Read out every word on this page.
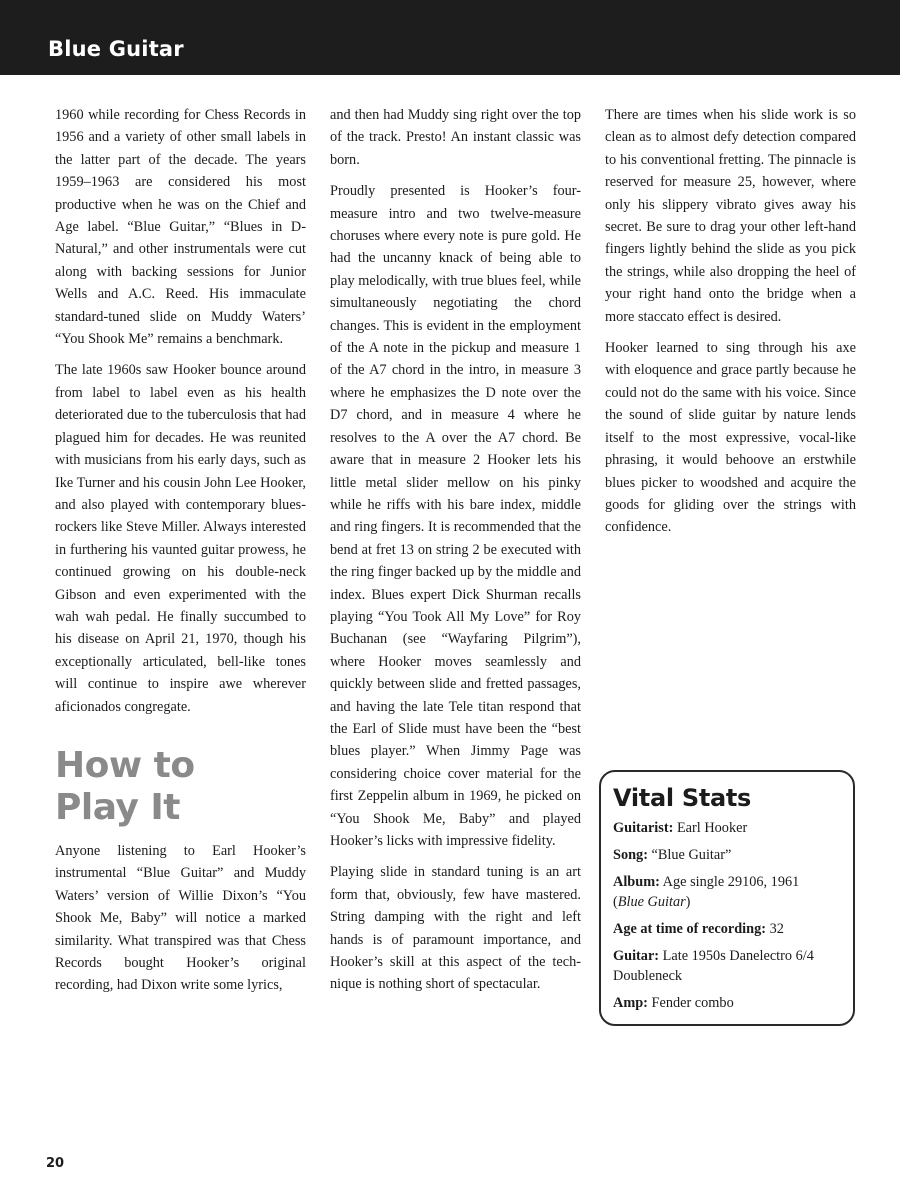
Blue Guitar

1960 while recording for Chess Records in 1956 and a variety of other small labels in the latter part of the decade. The years 1959–1963 are considered his most productive when he was on the Chief and Age label. “Blue Guitar,” “Blues in D-Natural,” and other instrumentals were cut along with backing sessions for Junior Wells and A.C. Reed. His immaculate standard-tuned slide on Muddy Waters’ “You Shook Me” remains a benchmark.

The late 1960s saw Hooker bounce around from label to label even as his health deteriorated due to the tuberculosis that had plagued him for decades. He was reunited with musicians from his early days, such as Ike Turner and his cousin John Lee Hooker, and also played with contemporary blues-rockers like Steve Miller. Always interested in furthering his vaunted guitar prowess, he continued growing on his double-neck Gibson and even experimented with the wah wah pedal. He finally succumbed to his disease on April 21, 1970, though his exceptionally articulated, bell-like tones will continue to inspire awe wherever aficionados congregate.

How to
Play It

Anyone listening to Earl Hooker’s instrumental “Blue Guitar” and Muddy Waters’ version of Willie Dixon’s “You Shook Me, Baby” will notice a marked similarity. What transpired was that Chess Records bought Hooker’s original recording, had Dixon write some lyrics,

and then had Muddy sing right over the top of the track. Presto! An instant classic was born.

Proudly presented is Hooker’s four-measure intro and two twelve-measure choruses where every note is pure gold. He had the uncanny knack of being able to play melodically, with true blues feel, while simultaneously negotiating the chord changes. This is evident in the employment of the A note in the pickup and measure 1 of the A7 chord in the intro, in measure 3 where he emphasizes the D note over the D7 chord, and in measure 4 where he resolves to the A over the A7 chord. Be aware that in measure 2 Hooker lets his little metal slider mellow on his pinky while he riffs with his bare index, middle and ring fingers. It is recommended that the bend at fret 13 on string 2 be executed with the ring finger backed up by the middle and index. Blues expert Dick Shurman recalls playing “You Took All My Love” for Roy Buchanan (see “Wayfaring Pilgrim”), where Hooker moves seamlessly and quickly between slide and fretted passages, and having the late Tele titan respond that the Earl of Slide must have been the “best blues player.” When Jimmy Page was considering choice cover material for the first Zeppelin album in 1969, he picked on “You Shook Me, Baby” and played Hooker’s licks with impressive fidelity.

Playing slide in standard tuning is an art form that, obviously, few have mastered. String damping with the right and left hands is of paramount importance, and Hooker’s skill at this aspect of the technique is nothing short of spectacular.

There are times when his slide work is so clean as to almost defy detection compared to his conventional fretting. The pinnacle is reserved for measure 25, however, where only his slippery vibrato gives away his secret. Be sure to drag your other left-hand fingers lightly behind the slide as you pick the strings, while also dropping the heel of your right hand onto the bridge when a more staccato effect is desired.

Hooker learned to sing through his axe with eloquence and grace partly because he could not do the same with his voice. Since the sound of slide guitar by nature lends itself to the most expressive, vocal-like phrasing, it would behoove an erstwhile blues picker to woodshed and acquire the goods for gliding over the strings with confidence.

Vital Stats
Guitarist: Earl Hooker
Song: “Blue Guitar”
Album: Age single 29106, 1961
(Blue Guitar)
Age at time of recording: 32
Guitar: Late 1950s Danelectro 6/4 Doubleneck
Amp: Fender combo
20
